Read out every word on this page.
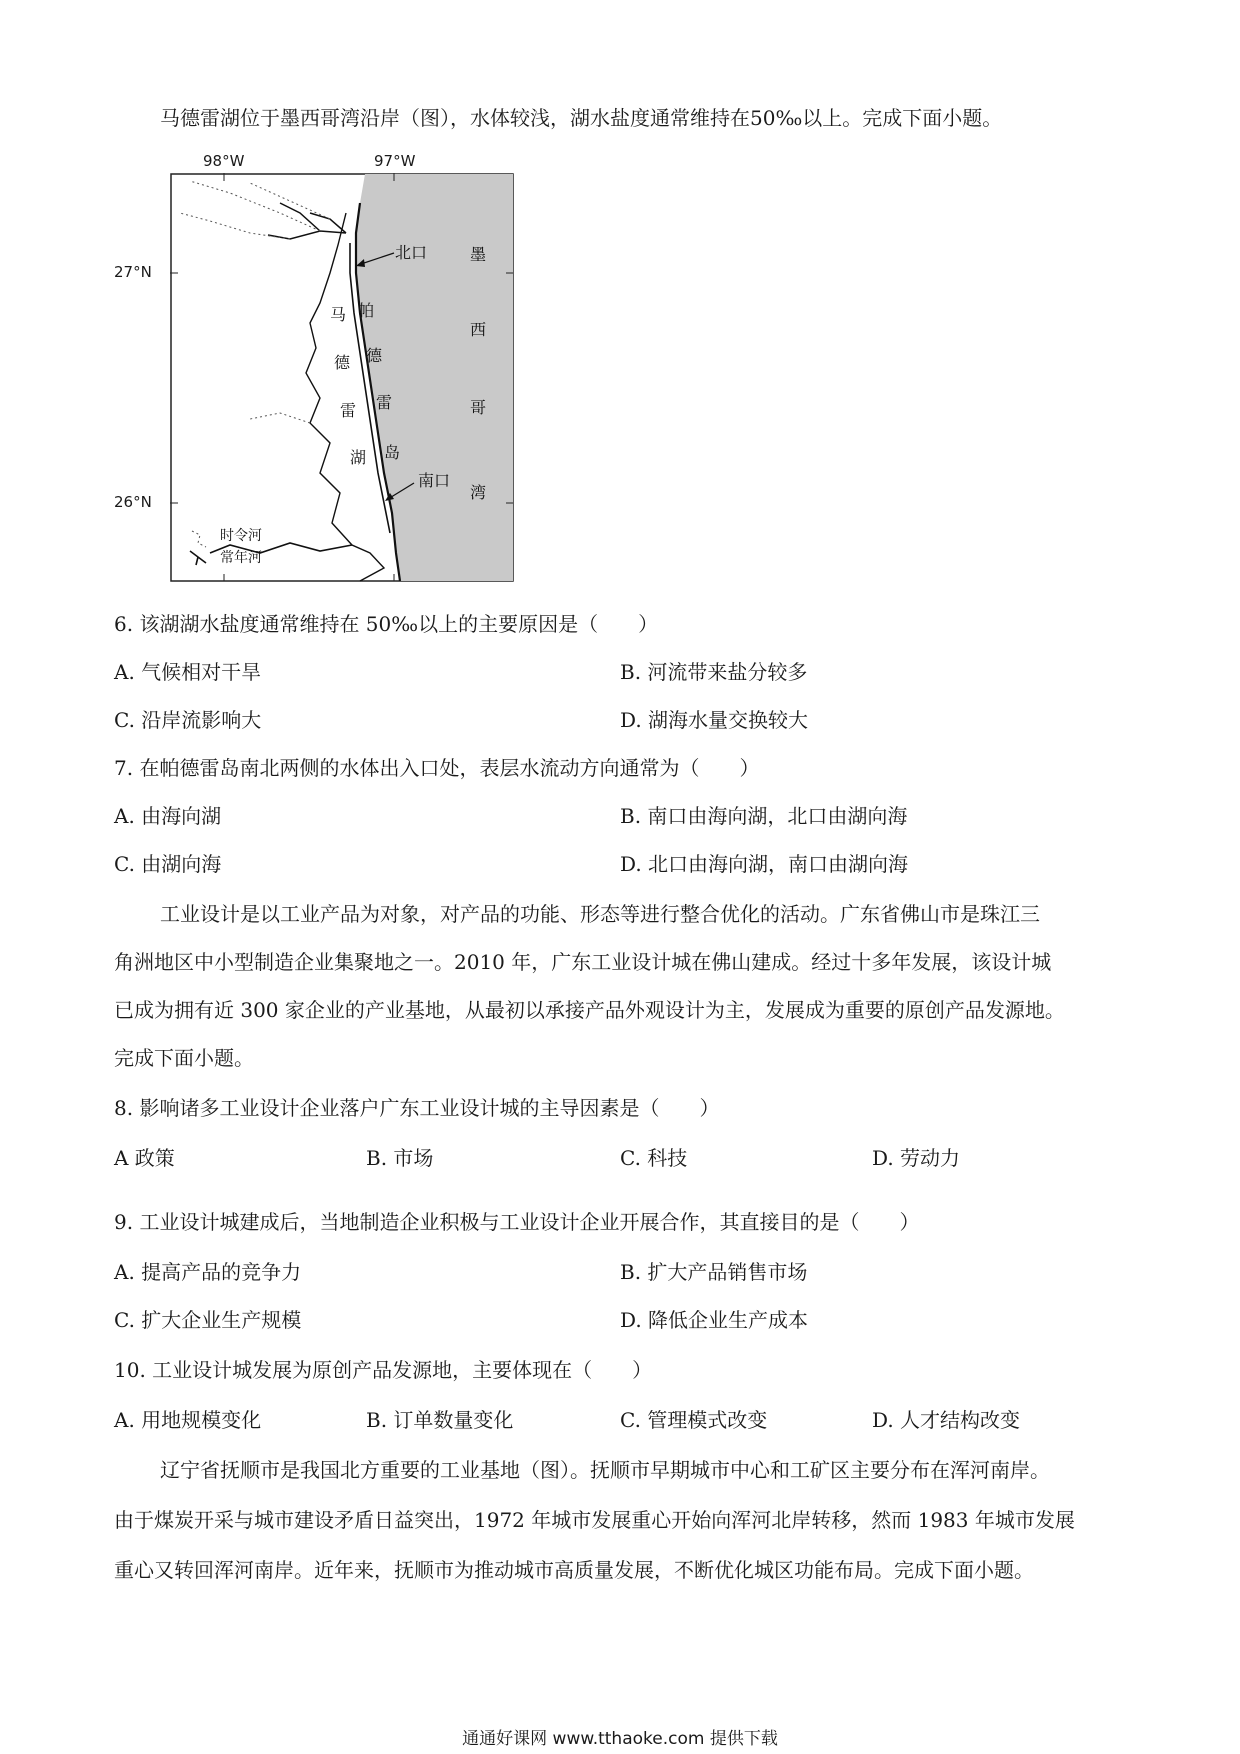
马德雷湖位于墨西哥湾沿岸（图），水体较浅，湖水盐度通常维持在50‰以上。完成下面小题。
北口
南口
马
德
雷
湖
帕
德
雷
岛
墨
西
哥
湾
时令河
常年河
98°W	97°W
27°N
26°N
6. 该湖湖水盐度通常维持在 50‰以上的主要原因是（　　）
A. 气候相对干旱	B. 河流带来盐分较多
C. 沿岸流影响大	D. 湖海水量交换较大
7. 在帕德雷岛南北两侧的水体出入口处，表层水流动方向通常为（　　）
A. 由海向湖	B. 南口由海向湖，北口由湖向海
C. 由湖向海	D. 北口由海向湖，南口由湖向海
工业设计是以工业产品为对象，对产品的功能、形态等进行整合优化的活动。广东省佛山市是珠江三
角洲地区中小型制造企业集聚地之一。2010 年，广东工业设计城在佛山建成。经过十多年发展，该设计城
已成为拥有近 300 家企业的产业基地，从最初以承接产品外观设计为主，发展成为重要的原创产品发源地。
完成下面小题。
8. 影响诸多工业设计企业落户广东工业设计城的主导因素是（　　）
A 政策	B. 市场	C. 科技	D. 劳动力
9. 工业设计城建成后，当地制造企业积极与工业设计企业开展合作，其直接目的是（　　）
A. 提高产品的竞争力	B. 扩大产品销售市场
C. 扩大企业生产规模	D. 降低企业生产成本
10. 工业设计城发展为原创产品发源地，主要体现在（　　）
A. 用地规模变化	B. 订单数量变化	C. 管理模式改变	D. 人才结构改变
辽宁省抚顺市是我国北方重要的工业基地（图）。抚顺市早期城市中心和工矿区主要分布在浑河南岸。
由于煤炭开采与城市建设矛盾日益突出，1972 年城市发展重心开始向浑河北岸转移，然而 1983 年城市发展
重心又转回浑河南岸。近年来，抚顺市为推动城市高质量发展，不断优化城区功能布局。完成下面小题。
通通好课网 www.tthaoke.com 提供下载
